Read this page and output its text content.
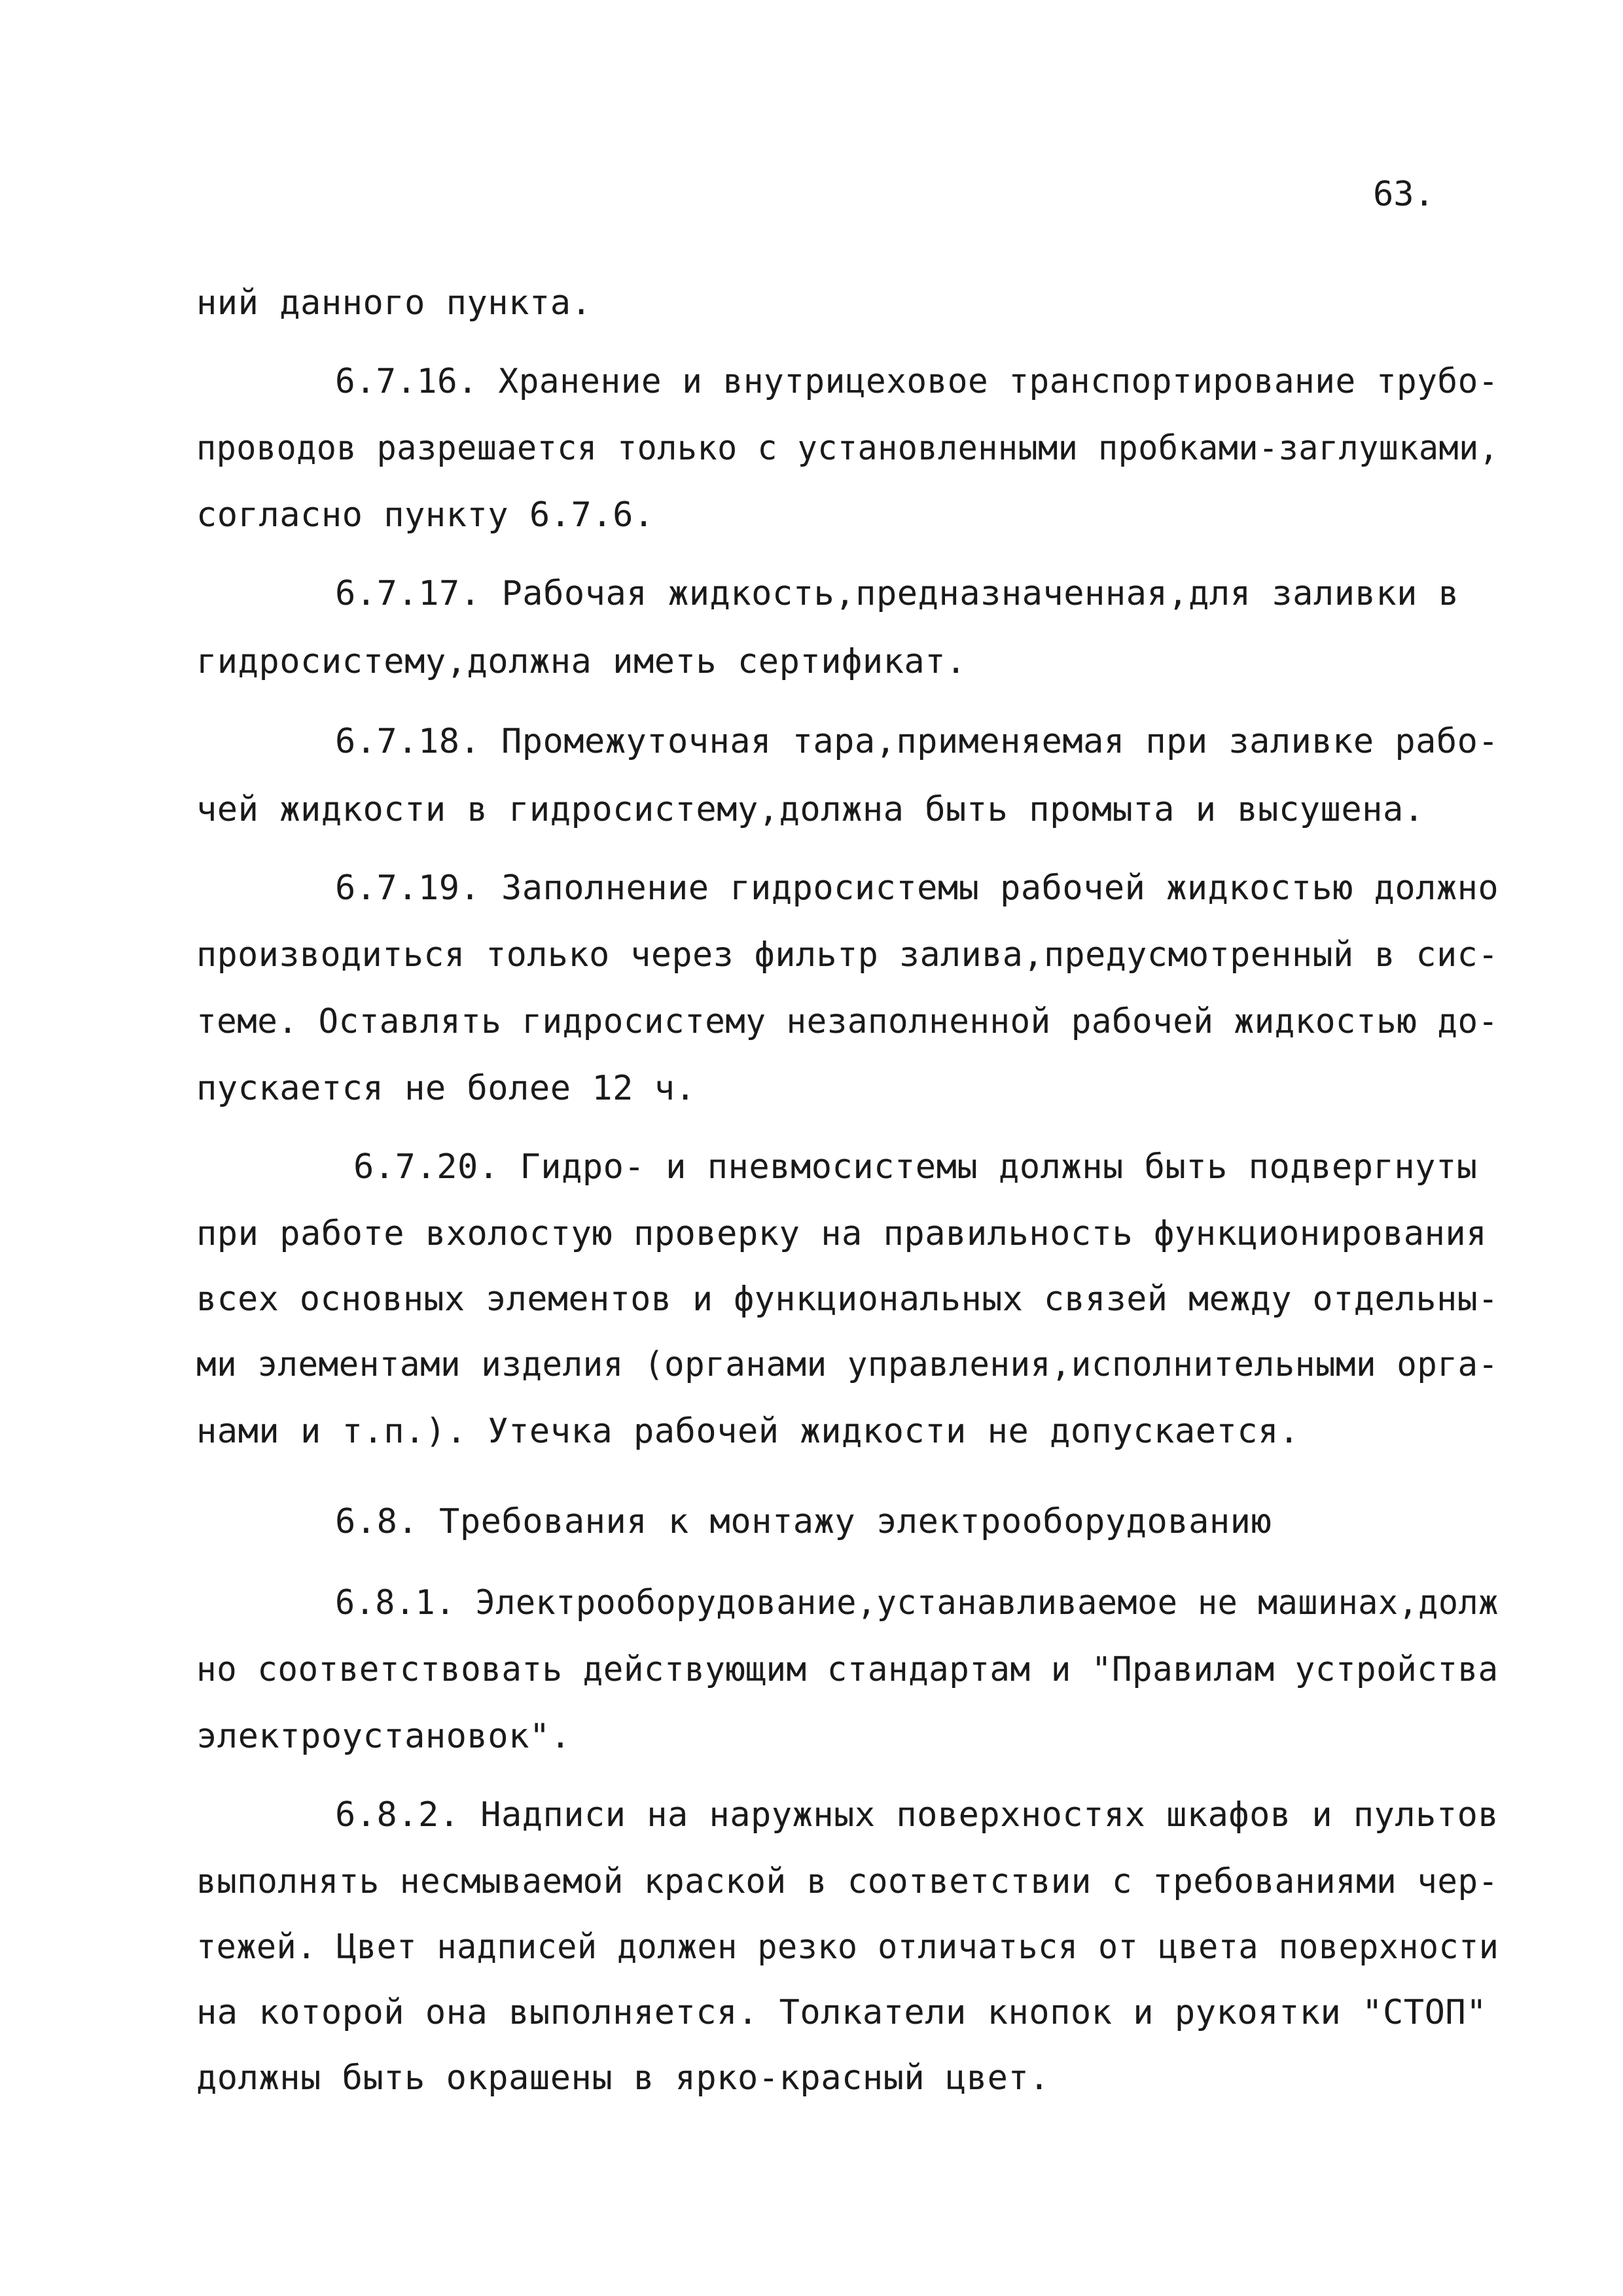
63.
ний данного пункта.
6.7.16. Хранение и внутрицеховое транспортирование трубо-
проводов разрешается только с установленными пробками-заглушками,
согласно пункту 6.7.6.
6.7.17. Рабочая жидкость,предназначенная,для заливки в
гидросистему,должна иметь сертификат.
6.7.18. Промежуточная тара,применяемая при заливке рабо-
чей жидкости в гидросистему,должна быть промыта и высушена.
6.7.19. Заполнение гидросистемы рабочей жидкостью должно
производиться только через фильтр залива,предусмотренный в сис-
теме. Оставлять гидросистему незаполненной рабочей жидкостью до-
пускается не более 12 ч.
6.7.20. Гидро- и пневмосистемы должны быть подвергнуты
при работе вхолостую проверку на правильность функционирования
всех основных элементов и функциональных связей между отдельны-
ми элементами изделия (органами управления,исполнительными орга-
нами и т.п.). Утечка рабочей жидкости не допускается.
6.8. Требования к монтажу электрооборудованию
6.8.1. Электрооборудование,устанавливаемое не машинах,долж
но соответствовать действующим стандартам и "Правилам устройства
электроустановок".
6.8.2. Надписи на наружных поверхностях шкафов и пультов
выполнять несмываемой краской в соответствии с требованиями чер-
тежей. Цвет надписей должен резко отличаться от цвета поверхности
на которой она выполняется. Толкатели кнопок и рукоятки "СТОП"
должны быть окрашены в ярко-красный цвет.
